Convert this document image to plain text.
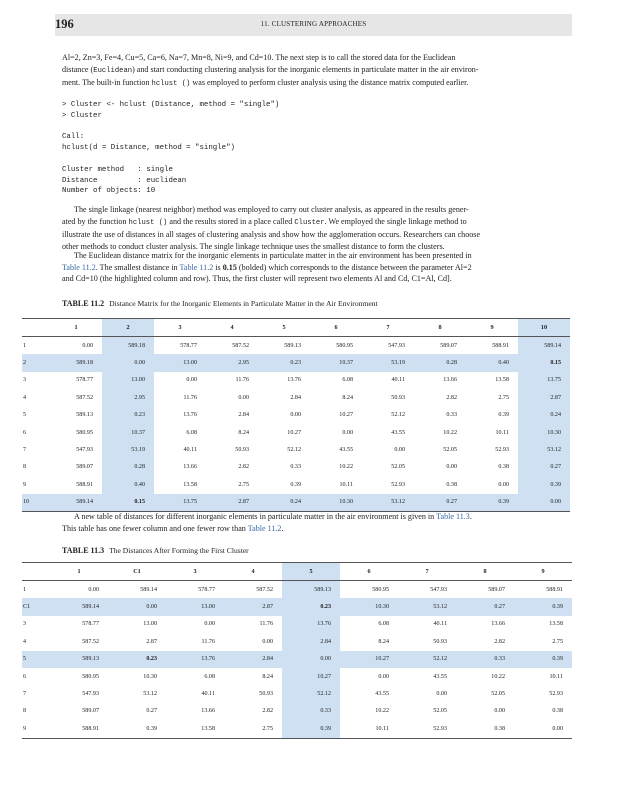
196	11. CLUSTERING APPROACHES

Al=2, Zn=3, Fe=4, Cu=5, Ca=6, Na=7, Mn=8, Ni=9, and Cd=10. The next step is to call the stored data for the Euclidean
distance (Euclidean) and start conducting clustering analysis for the inorganic elements in particulate matter in the air environ-
ment. The built-in function hclust () was employed to perform cluster analysis using the distance matrix computed earlier.

> Cluster <- hclust (Distance, method = "single")
> Cluster

Call:
hclust(d = Distance, method = "single")

Cluster method   : single
Distance         : euclidean
Number of objects: 10

The single linkage (nearest neighbor) method was employed to carry out cluster analysis, as appeared in the results gener-
ated by the function hclust () and the results stored in a place called Cluster. We employed the single linkage method to
illustrate the use of distances in all stages of clustering analysis and show how the agglomeration occurs. Researchers can choose
other methods to conduct cluster analysis. The single linkage technique uses the smallest distance to form the clusters.

The Euclidean distance matrix for the inorganic elements in particulate matter in the air environment has been presented in
Table 11.2. The smallest distance in Table 11.2 is 0.15 (bolded) which corresponds to the distance between the parameter Al=2
and Cd=10 (the highlighted column and row). Thus, the first cluster will represent two elements Al and Cd, C1=Al, Cd].

TABLE 11.2 Distance Matrix for the Inorganic Elements in Particulate Matter in the Air Environment
	1	2	3	4	5	6	7	8	9	10
1	0.00	589.18	578.77	587.52	589.13	580.95	547.93	589.07	588.91	589.14
2	589.18	0.00	13.00	2.95	0.23	10.37	53.19	0.28	0.40	0.15
3	578.77	13.00	0.00	11.76	13.76	6.08	40.11	13.66	13.58	13.75
4	587.52	2.95	11.76	0.00	2.84	8.24	50.93	2.82	2.75	2.87
5	589.13	0.23	13.76	2.84	0.00	10.27	52.12	0.33	0.39	0.24
6	580.95	10.37	6.08	8.24	10.27	0.00	43.55	10.22	10.11	10.30
7	547.93	53.19	40.11	50.93	52.12	43.55	0.00	52.05	52.93	53.12
8	589.07	0.28	13.66	2.82	0.33	10.22	52.05	0.00	0.38	0.27
9	588.91	0.40	13.58	2.75	0.39	10.11	52.93	0.38	0.00	0.39
10	589.14	0.15	13.75	2.87	0.24	10.30	53.12	0.27	0.39	0.00

A new table of distances for different inorganic elements in particulate matter in the air environment is given in Table 11.3.
This table has one fewer column and one fewer row than Table 11.2.

TABLE 11.3 The Distances After Forming the First Cluster
	1	C1	3	4	5	6	7	8	9
1	0.00	589.14	578.77	587.52	589.13	580.95	547.93	589.07	588.91
C1	589.14	0.00	13.00	2.87	0.23	10.30	53.12	0.27	0.39
3	578.77	13.00	0.00	11.76	13.76	6.08	40.11	13.66	13.58
4	587.52	2.87	11.76	0.00	2.84	8.24	50.93	2.82	2.75
5	589.13	0.23	13.76	2.84	0.00	10.27	52.12	0.33	0.39
6	580.95	10.30	6.08	8.24	10.27	0.00	43.55	10.22	10.11
7	547.93	53.12	40.11	50.93	52.12	43.55	0.00	52.05	52.93
8	589.07	0.27	13.66	2.82	0.33	10.22	52.05	0.00	0.38
9	588.91	0.39	13.58	2.75	0.39	10.11	52.93	0.38	0.00
